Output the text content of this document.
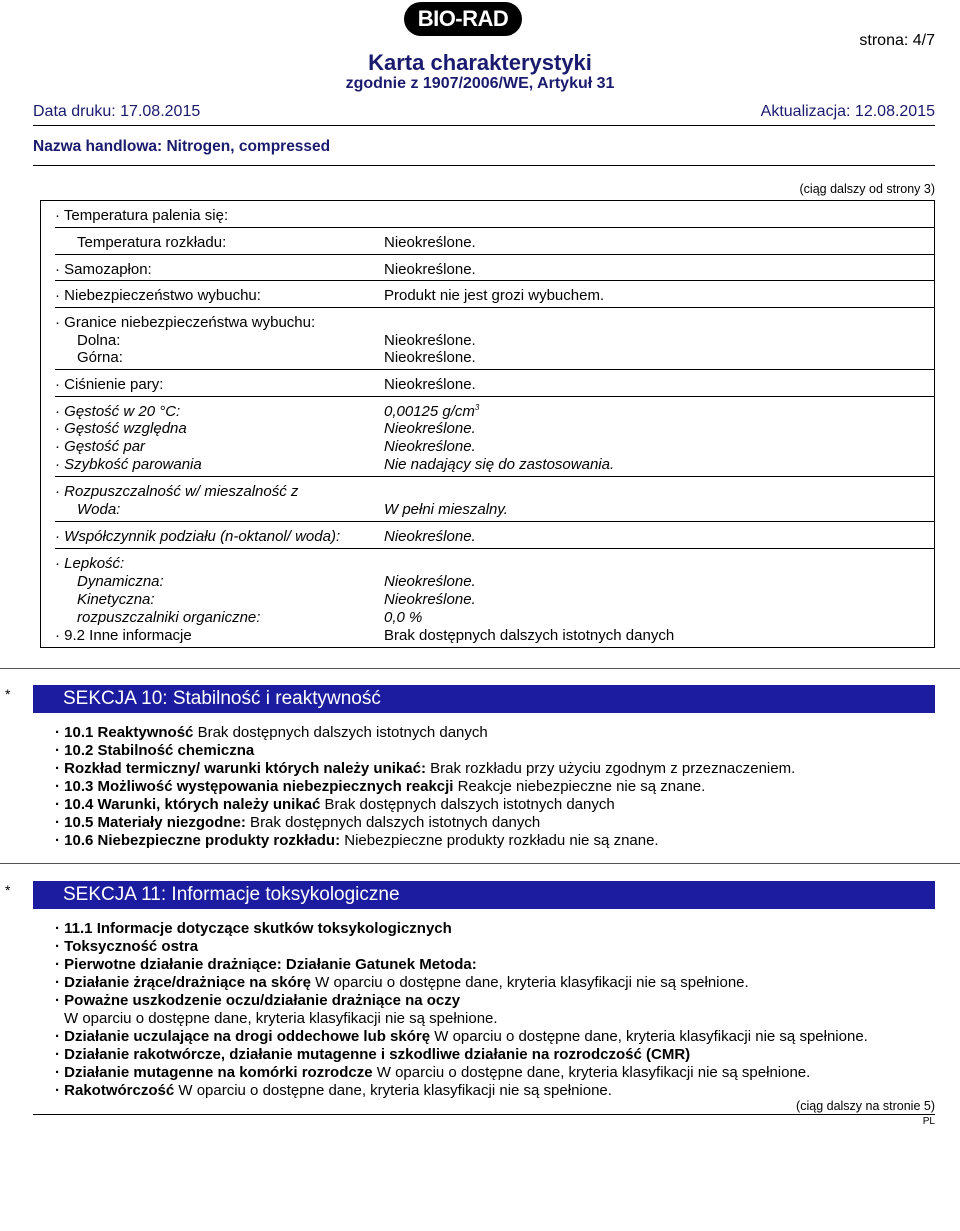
BIO-RAD
strona: 4/7
Karta charakterystyki
zgodnie z 1907/2006/WE, Artykuł 31
Data druku: 17.08.2015	Aktualizacja: 12.08.2015
Nazwa handlowa: Nitrogen, compressed
(ciąg dalszy od strony 3)
· Temperatura palenia się:
Temperatura rozkładu:	Nieokreślone.
· Samozapłon:	Nieokreślone.
· Niebezpieczeństwo wybuchu:	Produkt nie jest grozi wybuchem.
· Granice niebezpieczeństwa wybuchu:
Dolna:	Nieokreślone.
Górna:	Nieokreślone.
· Ciśnienie pary:	Nieokreślone.
· Gęstość w 20 °C:	0,00125 $g/cm^3$
· Gęstość względna	Nieokreślone.
· Gęstość par	Nieokreślone.
· Szybkość parowania	Nie nadający się do zastosowania.
· Rozpuszczalność w/ mieszalność z
Woda:	W pełni mieszalny.
· Współczynnik podziału (n-oktanol/ woda):	Nieokreślone.
· Lepkość:
Dynamiczna:	Nieokreślone.
Kinetyczna:	Nieokreślone.
rozpuszczalniki organiczne:	0,0 %
· 9.2 Inne informacje	Brak dostępnych dalszych istotnych danych
*	SEKCJA 10: Stabilność i reaktywność
· 10.1 Reaktywność Brak dostępnych dalszych istotnych danych
· 10.2 Stabilność chemiczna
· Rozkład termiczny/ warunki których należy unikać: Brak rozkładu przy użyciu zgodnym z przeznaczeniem.
· 10.3 Możliwość występowania niebezpiecznych reakcji Reakcje niebezpieczne nie są znane.
· 10.4 Warunki, których należy unikać Brak dostępnych dalszych istotnych danych
· 10.5 Materiały niezgodne: Brak dostępnych dalszych istotnych danych
· 10.6 Niebezpieczne produkty rozkładu: Niebezpieczne produkty rozkładu nie są znane.
*	SEKCJA 11: Informacje toksykologiczne
· 11.1 Informacje dotyczące skutków toksykologicznych
· Toksyczność ostra
· Pierwotne działanie drażniące: Działanie Gatunek Metoda:
· Działanie żrące/drażniące na skórę W oparciu o dostępne dane, kryteria klasyfikacji nie są spełnione.
· Poważne uszkodzenie oczu/działanie drażniące na oczy
W oparciu o dostępne dane, kryteria klasyfikacji nie są spełnione.
· Działanie uczulające na drogi oddechowe lub skórę W oparciu o dostępne dane, kryteria klasyfikacji nie są spełnione.
· Działanie rakotwórcze, działanie mutagenne i szkodliwe działanie na rozrodczość (CMR)
· Działanie mutagenne na komórki rozrodcze W oparciu o dostępne dane, kryteria klasyfikacji nie są spełnione.
· Rakotwórczość W oparciu o dostępne dane, kryteria klasyfikacji nie są spełnione.
(ciąg dalszy na stronie 5)
PL
